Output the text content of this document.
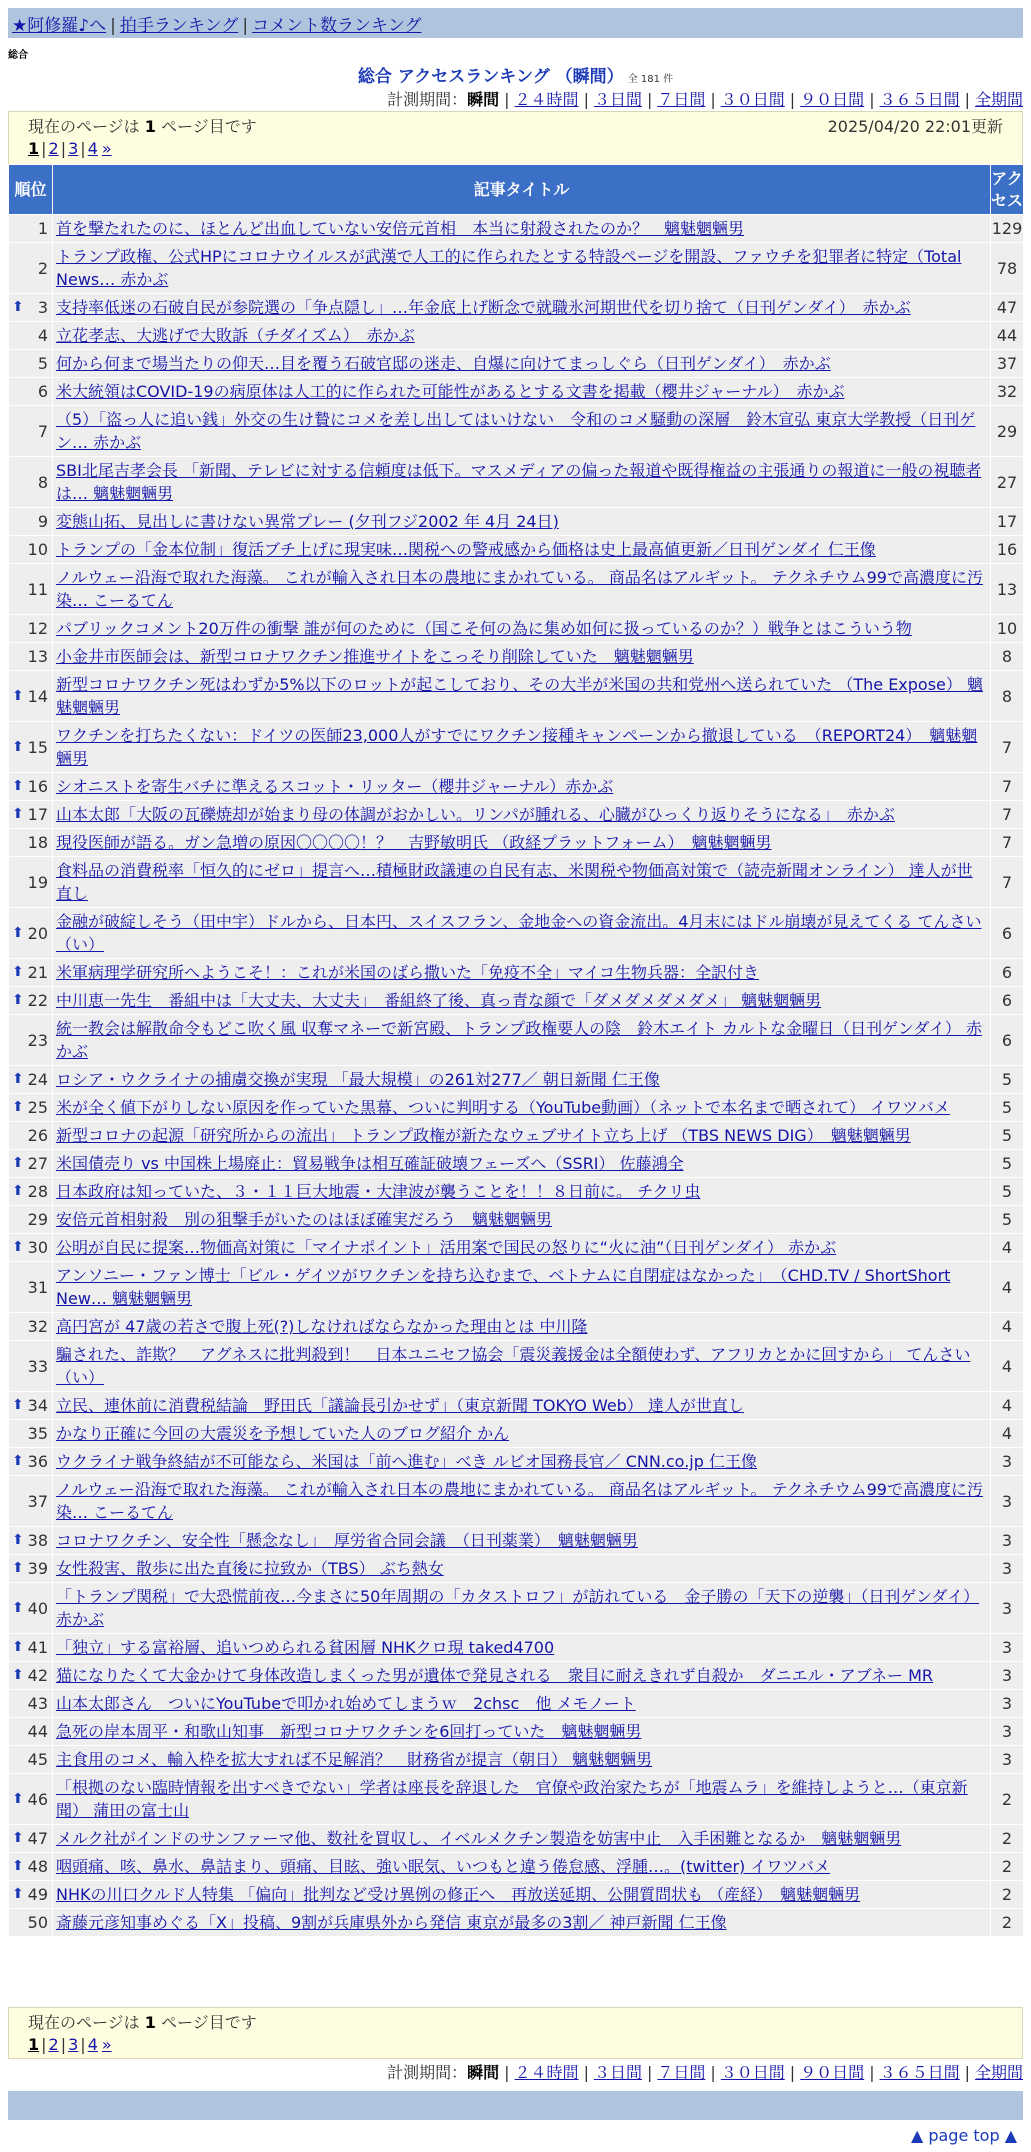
★阿修羅♪へ | 拍手ランキング | コメント数ランキング
総合
総合 アクセスランキング （瞬間） 全 181 件
計測期間：瞬間 | ２４時間 | ３日間 | ７日間 | ３０日間 | ９０日間 | ３６５日間 | 全期間
現在のページは 1 ページ目です	2025/04/20 22:01更新
1 | 2 | 3 | 4 »
順位	記事タイトル	アクセス
1	首を撃たれたのに、ほとんど出血していない安倍元首相　本当に射殺されたのか？　魑魅魍魎男	129
2	トランプ政権、公式HPにコロナウイルスが武漢で人工的に作られたとする特設ページを開設、ファウチを犯罪者に特定（Total News… 赤かぶ	78

⬆ 3	支持率低迷の石破自民が参院選の「争点隠し」…年金底上げ断念で就職氷河期世代を切り捨て（日刊ゲンダイ）　赤かぶ	47
4	立花孝志、大逃げで大敗訴（チダイズム）　赤かぶ	44
5	何から何まで場当たりの仰天…目を覆う石破官邸の迷走、自爆に向けてまっしぐら（日刊ゲンダイ）　赤かぶ	37
6	米大統領はCOVID-19の病原体は人工的に作られた可能性があるとする文書を掲載（櫻井ジャーナル）　赤かぶ	32
7	（5）「盗っ人に追い銭」外交の生け贄にコメを差し出してはいけない　令和のコメ騒動の深層　鈴木宣弘 東京大学教授（日刊ゲン… 赤かぶ	29
8	SBI北尾吉孝会長 「新聞、テレビに対する信頼度は低下。マスメディアの偏った報道や既得権益の主張通りの報道に一般の視聴者は… 魑魅魍魎男	27
9	変態山拓、見出しに書けない異常プレー (夕刊フジ2002 年 4月 24日)	17
10	トランプの「金本位制」復活ブチ上げに現実味…関税への警戒感から価格は史上最高値更新／日刊ゲンダイ 仁王像	16
11	ノルウェー沿海で取れた海藻。 これが輸入され日本の農地にまかれている。 商品名はアルギット。 テクネチウム99で高濃度に汚染… こーるてん	13
12	パブリックコメント20万件の衝撃 誰が何のために（国こそ何の為に集め如何に扱っているのか？）戦争とはこういう物	10
13	小金井市医師会は、新型コロナワクチン推進サイトをこっそり削除していた　魑魅魍魎男	8

⬆ 14	新型コロナワクチン死はわずか5%以下のロットが起こしており、その大半が米国の共和党州へ送られていた （The Expose） 魑魅魍魎男	8

⬆ 15	ワクチンを打ちたくない：ドイツの医師23,000人がすでにワクチン接種キャンペーンから撤退している　（REPORT24）　魑魅魍魎男	7

⬆ 16	シオニストを寄生バチに準えるスコット・リッター（櫻井ジャーナル）赤かぶ	7

⬆ 17	山本太郎「大阪の瓦礫焼却が始まり母の体調がおかしい。リンパが腫れる、心臓がひっくり返りそうになる」　赤かぶ	7
18	現役医師が語る。ガン急増の原因〇〇〇〇！？　吉野敏明氏 （政経プラットフォーム）　魑魅魍魎男	7
19	食料品の消費税率「恒久的にゼロ」提言へ…積極財政議連の自民有志、米関税や物価高対策で（読売新聞オンライン） 達人が世直し	7

⬆ 20	金融が破綻しそう（田中宇）ドルから、日本円、スイスフラン、金地金への資金流出。4月末にはドル崩壊が見えてくる てんさい（い）	6

⬆ 21	米軍病理学研究所へようこそ！：これが米国のばら撒いた「免疫不全」マイコ生物兵器：全訳付き	6

⬆ 22	中川恵一先生　番組中は「大丈夫、大丈夫」　番組終了後、真っ青な顔で「ダメダメダメダメ」 魑魅魍魎男	6
23	統一教会は解散命令もどこ吹く風 収奪マネーで新宮殿、トランプ政権要人の陰　鈴木エイト カルトな金曜日（日刊ゲンダイ） 赤かぶ	6

⬆ 24	ロシア・ウクライナの捕虜交換が実現 「最大規模」の261対277／ 朝日新聞 仁王像	5

⬆ 25	米が全く値下がりしない原因を作っていた黒幕、ついに判明する（YouTube動画）（ネットで本名まで晒されて） イワツバメ	5
26	新型コロナの起源「研究所からの流出」 トランプ政権が新たなウェブサイト立ち上げ （TBS NEWS DIG）　魑魅魍魎男	5

⬆ 27	米国債売り vs 中国株上場廃止：貿易戦争は相互確証破壊フェーズへ（SSRI） 佐藤鴻全	5

⬆ 28	日本政府は知っていた、３・１１巨大地震・大津波が襲うことを！！８日前に。 チクリ虫	5
29	安倍元首相射殺　別の狙撃手がいたのはほぼ確実だろう　魑魅魍魎男	5

⬆ 30	公明が自民に提案…物価高対策に「マイナポイント」活用案で国民の怒りに“火に油”（日刊ゲンダイ） 赤かぶ	4
31	アンソニー・ファン博士「ビル・ゲイツがワクチンを持ち込むまで、ベトナムに自閉症はなかった」　（CHD.TV / ShortShort New… 魑魅魍魎男	4
32	高円宮が 47歳の若さで腹上死(?)しなければならなかった理由とは 中川隆	4
33	騙された、詐欺？　アグネスに批判殺到！　日本ユニセフ協会「震災義援金は全額使わず、アフリカとかに回すから」 てんさい（い）	4

⬆ 34	立民、連休前に消費税結論　野田氏「議論長引かせず」（東京新聞 TOKYO Web） 達人が世直し	4
35	かなり正確に今回の大震災を予想していた人のブログ紹介 かん	4

⬆ 36	ウクライナ戦争終結が不可能なら、米国は「前へ進む」べき ルビオ国務長官／ CNN.co.jp 仁王像	3
37	ノルウェー沿海で取れた海藻。 これが輸入され日本の農地にまかれている。 商品名はアルギット。 テクネチウム99で高濃度に汚染… こーるてん	3

⬆ 38	コロナワクチン、安全性「懸念なし」　厚労省合同会議　（日刊薬業）　魑魅魍魎男	3

⬆ 39	女性殺害、散歩に出た直後に拉致か（TBS） ぶち熱女	3

⬆ 40	「トランプ関税」で大恐慌前夜…今まさに50年周期の「カタストロフ」が訪れている　金子勝の「天下の逆襲」（日刊ゲンダイ） 赤かぶ	3

⬆ 41	「独立」する富裕層、追いつめられる貧困層 NHKクロ現 taked4700	3

⬆ 42	猫になりたくて大金かけて身体改造しまくった男が遺体で発見される　衆目に耐えきれず自殺か　ダニエル・アブネー MR	3
43	山本太郎さん　ついにYouTubeで叩かれ始めてしまうｗ　2chsc　他 メモノート	3
44	急死の岸本周平・和歌山知事　新型コロナワクチンを6回打っていた　魑魅魍魎男	3
45	主食用のコメ、輸入枠を拡大すれば不足解消？　財務省が提言（朝日） 魑魅魍魎男	3

⬆ 46	「根拠のない臨時情報を出すべきでない」学者は座長を辞退した　官僚や政治家たちが「地震ムラ」を維持しようと…（東京新聞） 蒲田の富士山	2

⬆ 47	メルク社がインドのサンファーマ他、数社を買収し、イベルメクチン製造を妨害中止　入手困難となるか　魑魅魍魎男	2

⬆ 48	咽頭痛、咳、鼻水、鼻詰まり、頭痛、目眩、強い眠気、いつもと違う倦怠感、浮腫…。(twitter) イワツバメ	2

⬆ 49	NHKの川口クルド人特集 「偏向」批判など受け異例の修正へ　再放送延期、公開質問状も （産経）　魑魅魍魎男	2
50	斎藤元彦知事めぐる「X」投稿、9割が兵庫県外から発信 東京が最多の3割／ 神戸新聞 仁王像	2
現在のページは 1 ページ目です
1 | 2 | 3 | 4 »
計測期間：瞬間 | ２４時間 | ３日間 | ７日間 | ３０日間 | ９０日間 | ３６５日間 | 全期間
▲ page top ▲
